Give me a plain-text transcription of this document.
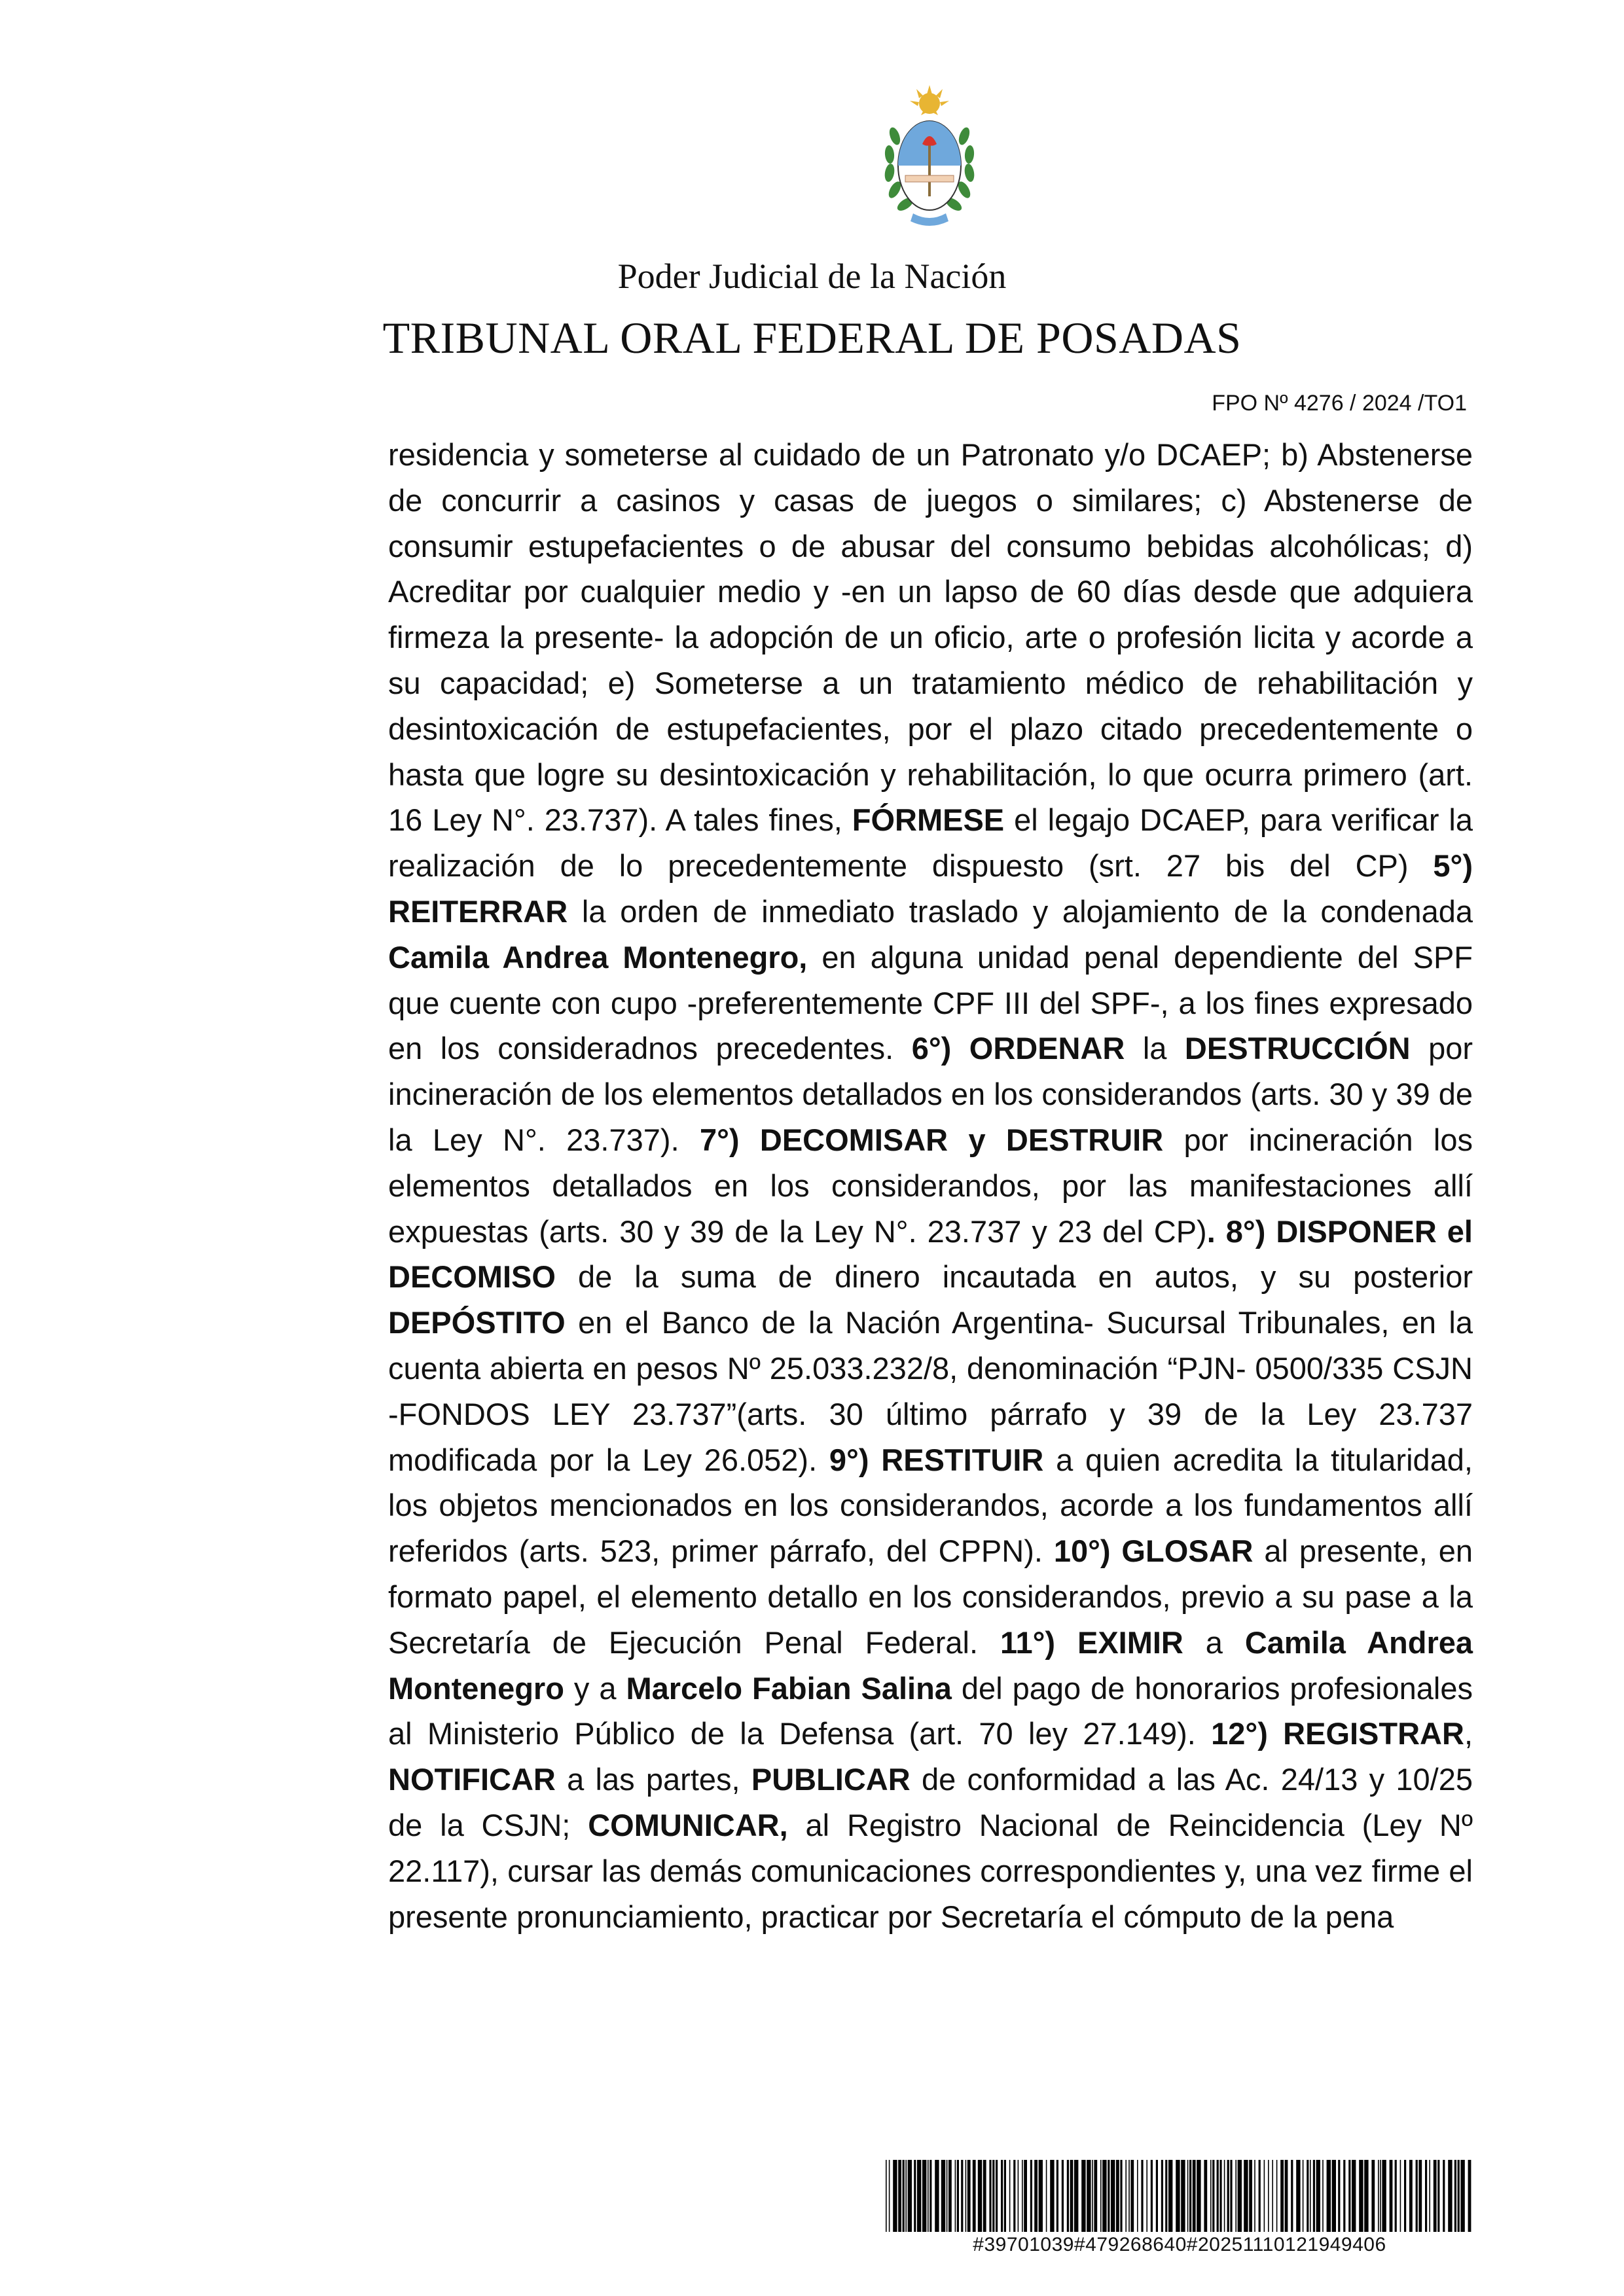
Poder Judicial de la Nación
TRIBUNAL ORAL FEDERAL DE POSADAS
FPO Nº 4276 / 2024 /TO1
residencia y someterse al cuidado de un Patronato y/o DCAEP; b) Abstenerse de concurrir a casinos y casas de juegos o similares; c) Abstenerse de consumir estupefacientes o de abusar del consumo bebidas alcohólicas; d) Acreditar por cualquier medio y -en un lapso de 60 días desde que adquiera firmeza la presente- la adopción de un oficio, arte o profesión licita y acorde a su capacidad; e) Someterse a un tratamiento médico de rehabilitación y desintoxicación de estupefacientes, por el plazo citado precedentemente o hasta que logre su desintoxicación y rehabilitación, lo que ocurra primero (art. 16 Ley N°. 23.737). A tales fines, FÓRMESE el legajo DCAEP, para verificar la realización de lo precedentemente dispuesto (srt. 27 bis del CP) 5°) REITERRAR la orden de inmediato traslado y alojamiento de la condenada Camila Andrea Montenegro, en alguna unidad penal dependiente del SPF que cuente con cupo -preferentemente CPF III del SPF-, a los fines expresado en los consideradnos precedentes. 6°) ORDENAR la DESTRUCCIÓN por incineración de los elementos detallados en los considerandos (arts. 30 y 39 de la Ley N°. 23.737). 7°) DECOMISAR y DESTRUIR por incineración los elementos detallados en los considerandos, por las manifestaciones allí expuestas (arts. 30 y 39 de la Ley N°. 23.737 y 23 del CP). 8°) DISPONER el DECOMISO de la suma de dinero incautada en autos, y su posterior DEPÓSTITO en el Banco de la Nación Argentina- Sucursal Tribunales, en la cuenta abierta en pesos Nº 25.033.232/8, denominación “PJN- 0500/335 CSJN -FONDOS LEY 23.737”(arts. 30 último párrafo y 39 de la Ley 23.737 modificada por la Ley 26.052). 9°) RESTITUIR a quien acredita la titularidad, los objetos mencionados en los considerandos, acorde a los fundamentos allí referidos (arts. 523, primer párrafo, del CPPN). 10°) GLOSAR al presente, en formato papel, el elemento detallo en los considerandos, previo a su pase a la Secretaría de Ejecución Penal Federal. 11°) EXIMIR a Camila Andrea Montenegro y a Marcelo Fabian Salina del pago de honorarios profesionales al Ministerio Público de la Defensa (art. 70 ley 27.149). 12°) REGISTRAR, NOTIFICAR a las partes, PUBLICAR de conformidad a las Ac. 24/13 y 10/25 de la CSJN; COMUNICAR, al Registro Nacional de Reincidencia (Ley Nº 22.117), cursar las demás comunicaciones correspondientes y, una vez firme el presente pronunciamiento, practicar por Secretaría el cómputo de la pena
#39701039#479268640#20251110121949406
